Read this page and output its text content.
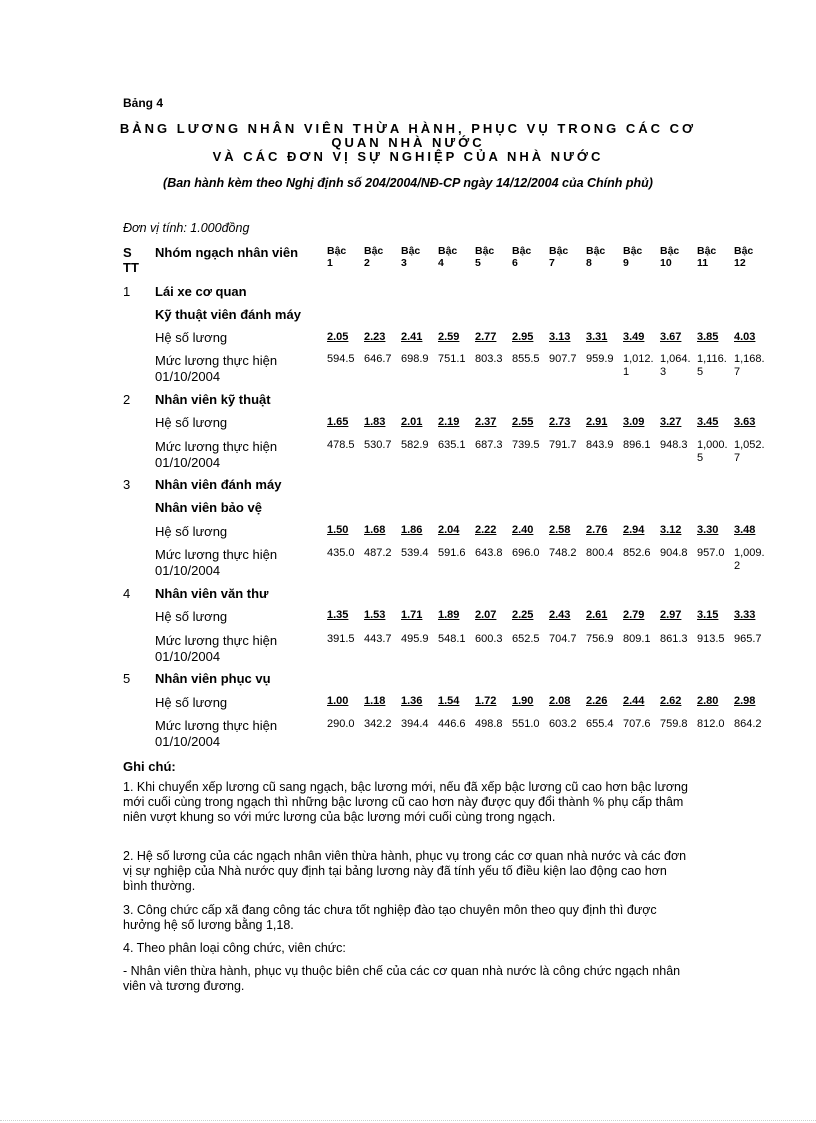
Bảng 4
BẢNG LƯƠNG NHÂN VIÊN THỪA HÀNH, PHỤC VỤ TRONG CÁC CƠ QUAN NHÀ NƯỚC
VÀ CÁC ĐƠN VỊ SỰ NGHIỆP CỦA NHÀ NƯỚC
(Ban hành kèm theo Nghị định số 204/2004/NĐ-CP ngày 14/12/2004 của Chính phủ)
Đơn vị tính: 1.000đồng
S TT
Nhóm ngạch nhân viên	Bậc 1
Bậc 2
Bậc 3
Bậc 4
Bậc 5
Bậc 6
Bậc 7
Bậc 8
Bậc 9
Bậc 10
Bậc 11
Bậc 12
1 Lái xe cơ quan
Kỹ thuật viên đánh máy
Hệ số lương
Mức lương thực hiện 01/10/2004
2.05
594.5
2.23
646.7
2.41
698.9
2.59
751.1
2.77
803.3
2.95
855.5
3.13
907.7
3.31
959.9
3.49
1,012.1
3.67
1,064.3
3.85
1,116.5
4.03
1,168.7
2 Nhân viên kỹ thuật
Hệ số lương
Mức lương thực hiện 01/10/2004
1.65
478.5
1.83
530.7
2.01
582.9
2.19
635.1
2.37
687.3
2.55
739.5
2.73
791.7
2.91
843.9
3.09
896.1
3.27
948.3
3.45
1,000.5
3.63
1,052.7
3 Nhân viên đánh máy
Nhân viên bảo vệ
Hệ số lương
Mức lương thực hiện 01/10/2004
1.50
435.0
1.68
487.2
1.86
539.4
2.04
591.6
2.22
643.8
2.40
696.0
2.58
748.2
2.76
800.4
2.94
852.6
3.12
904.8
3.30
957.0
3.48
1,009.2
4 Nhân viên văn thư
Hệ số lương
Mức lương thực hiện 01/10/2004
1.35
391.5
1.53
443.7
1.71
495.9
1.89
548.1
2.07
600.3
2.25
652.5
2.43
704.7
2.61
756.9
2.79
809.1
2.97
861.3
3.15
913.5
3.33
965.7
5 Nhân viên phục vụ
Hệ số lương
Mức lương thực hiện 01/10/2004
1.00
290.0
1.18
342.2
1.36
394.4
1.54
446.6
1.72
498.8
1.90
551.0
2.08
603.2
2.26
655.4
2.44
707.6
2.62
759.8
2.80
812.0
2.98
864.2
Ghi chú:
1. Khi chuyển xếp lương cũ sang ngạch, bậc lương mới, nếu đã xếp bậc lương cũ cao hơn bậc lương mới cuối cùng trong ngạch thì những bậc lương cũ cao hơn này được quy đổi thành % phụ cấp thâm niên vượt khung so với mức lương của bậc lương mới cuối cùng trong ngạch.
2. Hệ số lương của các ngạch nhân viên thừa hành, phục vụ trong các cơ quan nhà nước và các đơn vị sự nghiệp của Nhà nước quy định tại bảng lương này đã tính yếu tố điều kiện lao động cao hơn bình thường.
3. Công chức cấp xã đang công tác chưa tốt nghiệp đào tạo chuyên môn theo quy định thì được hưởng hệ số lương bằng 1,18.
4. Theo phân loại công chức, viên chức:
- Nhân viên thừa hành, phục vụ thuộc biên chế của các cơ quan nhà nước là công chức ngạch nhân viên và tương đương.
